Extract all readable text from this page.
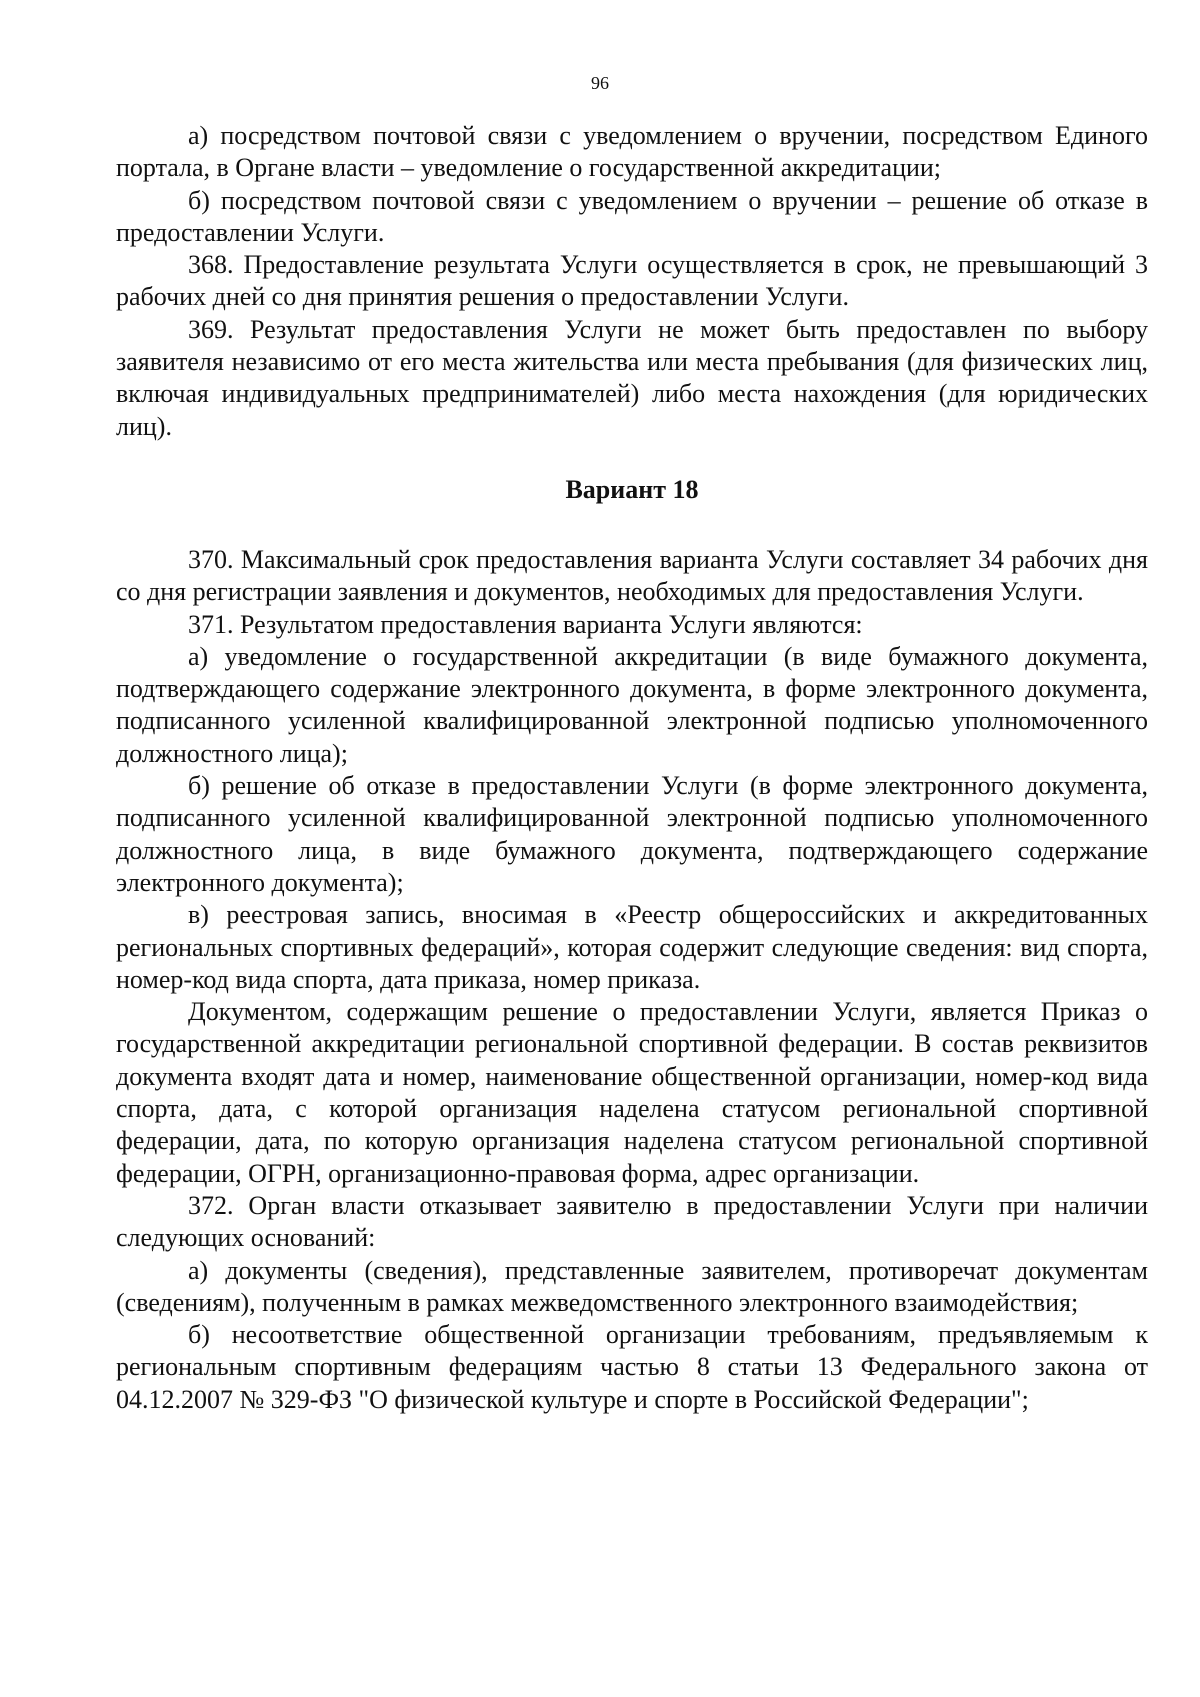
96

а) посредством почтовой связи с уведомлением о вручении, посредством Единого портала, в Органе власти – уведомление о государственной аккредитации;

б) посредством почтовой связи с уведомлением о вручении – решение об отказе в предоставлении Услуги.

368. Предоставление результата Услуги осуществляется в срок, не превышающий 3 рабочих дней со дня принятия решения о предоставлении Услуги.

369. Результат предоставления Услуги не может быть предоставлен по выбору заявителя независимо от его места жительства или места пребывания (для физических лиц, включая индивидуальных предпринимателей) либо места нахождения (для юридических лиц).

Вариант 18

370. Максимальный срок предоставления варианта Услуги составляет 34 рабочих дня со дня регистрации заявления и документов, необходимых для предоставления Услуги.

371. Результатом предоставления варианта Услуги являются:

а) уведомление о государственной аккредитации (в виде бумажного документа, подтверждающего содержание электронного документа, в форме электронного документа, подписанного усиленной квалифицированной электронной подписью уполномоченного должностного лица);

б) решение об отказе в предоставлении Услуги (в форме электронного документа, подписанного усиленной квалифицированной электронной подписью уполномоченного должностного лица, в виде бумажного документа, подтверждающего содержание электронного документа);

в) реестровая запись, вносимая в «Реестр общероссийских и аккредитованных региональных спортивных федераций», которая содержит следующие сведения: вид спорта, номер-код вида спорта, дата приказа, номер приказа.

Документом, содержащим решение о предоставлении Услуги, является Приказ о государственной аккредитации региональной спортивной федерации. В состав реквизитов документа входят дата и номер, наименование общественной организации, номер-код вида спорта, дата, с которой организация наделена статусом региональной спортивной федерации, дата, по которую организация наделена статусом региональной спортивной федерации, ОГРН, организационно-правовая форма, адрес организации.

372. Орган власти отказывает заявителю в предоставлении Услуги при наличии следующих оснований:

а) документы (сведения), представленные заявителем, противоречат документам (сведениям), полученным в рамках межведомственного электронного взаимодействия;

б) несоответствие общественной организации требованиям, предъявляемым к региональным спортивным федерациям частью 8 статьи 13 Федерального закона от 04.12.2007 № 329-ФЗ "О физической культуре и спорте в Российской Федерации";
